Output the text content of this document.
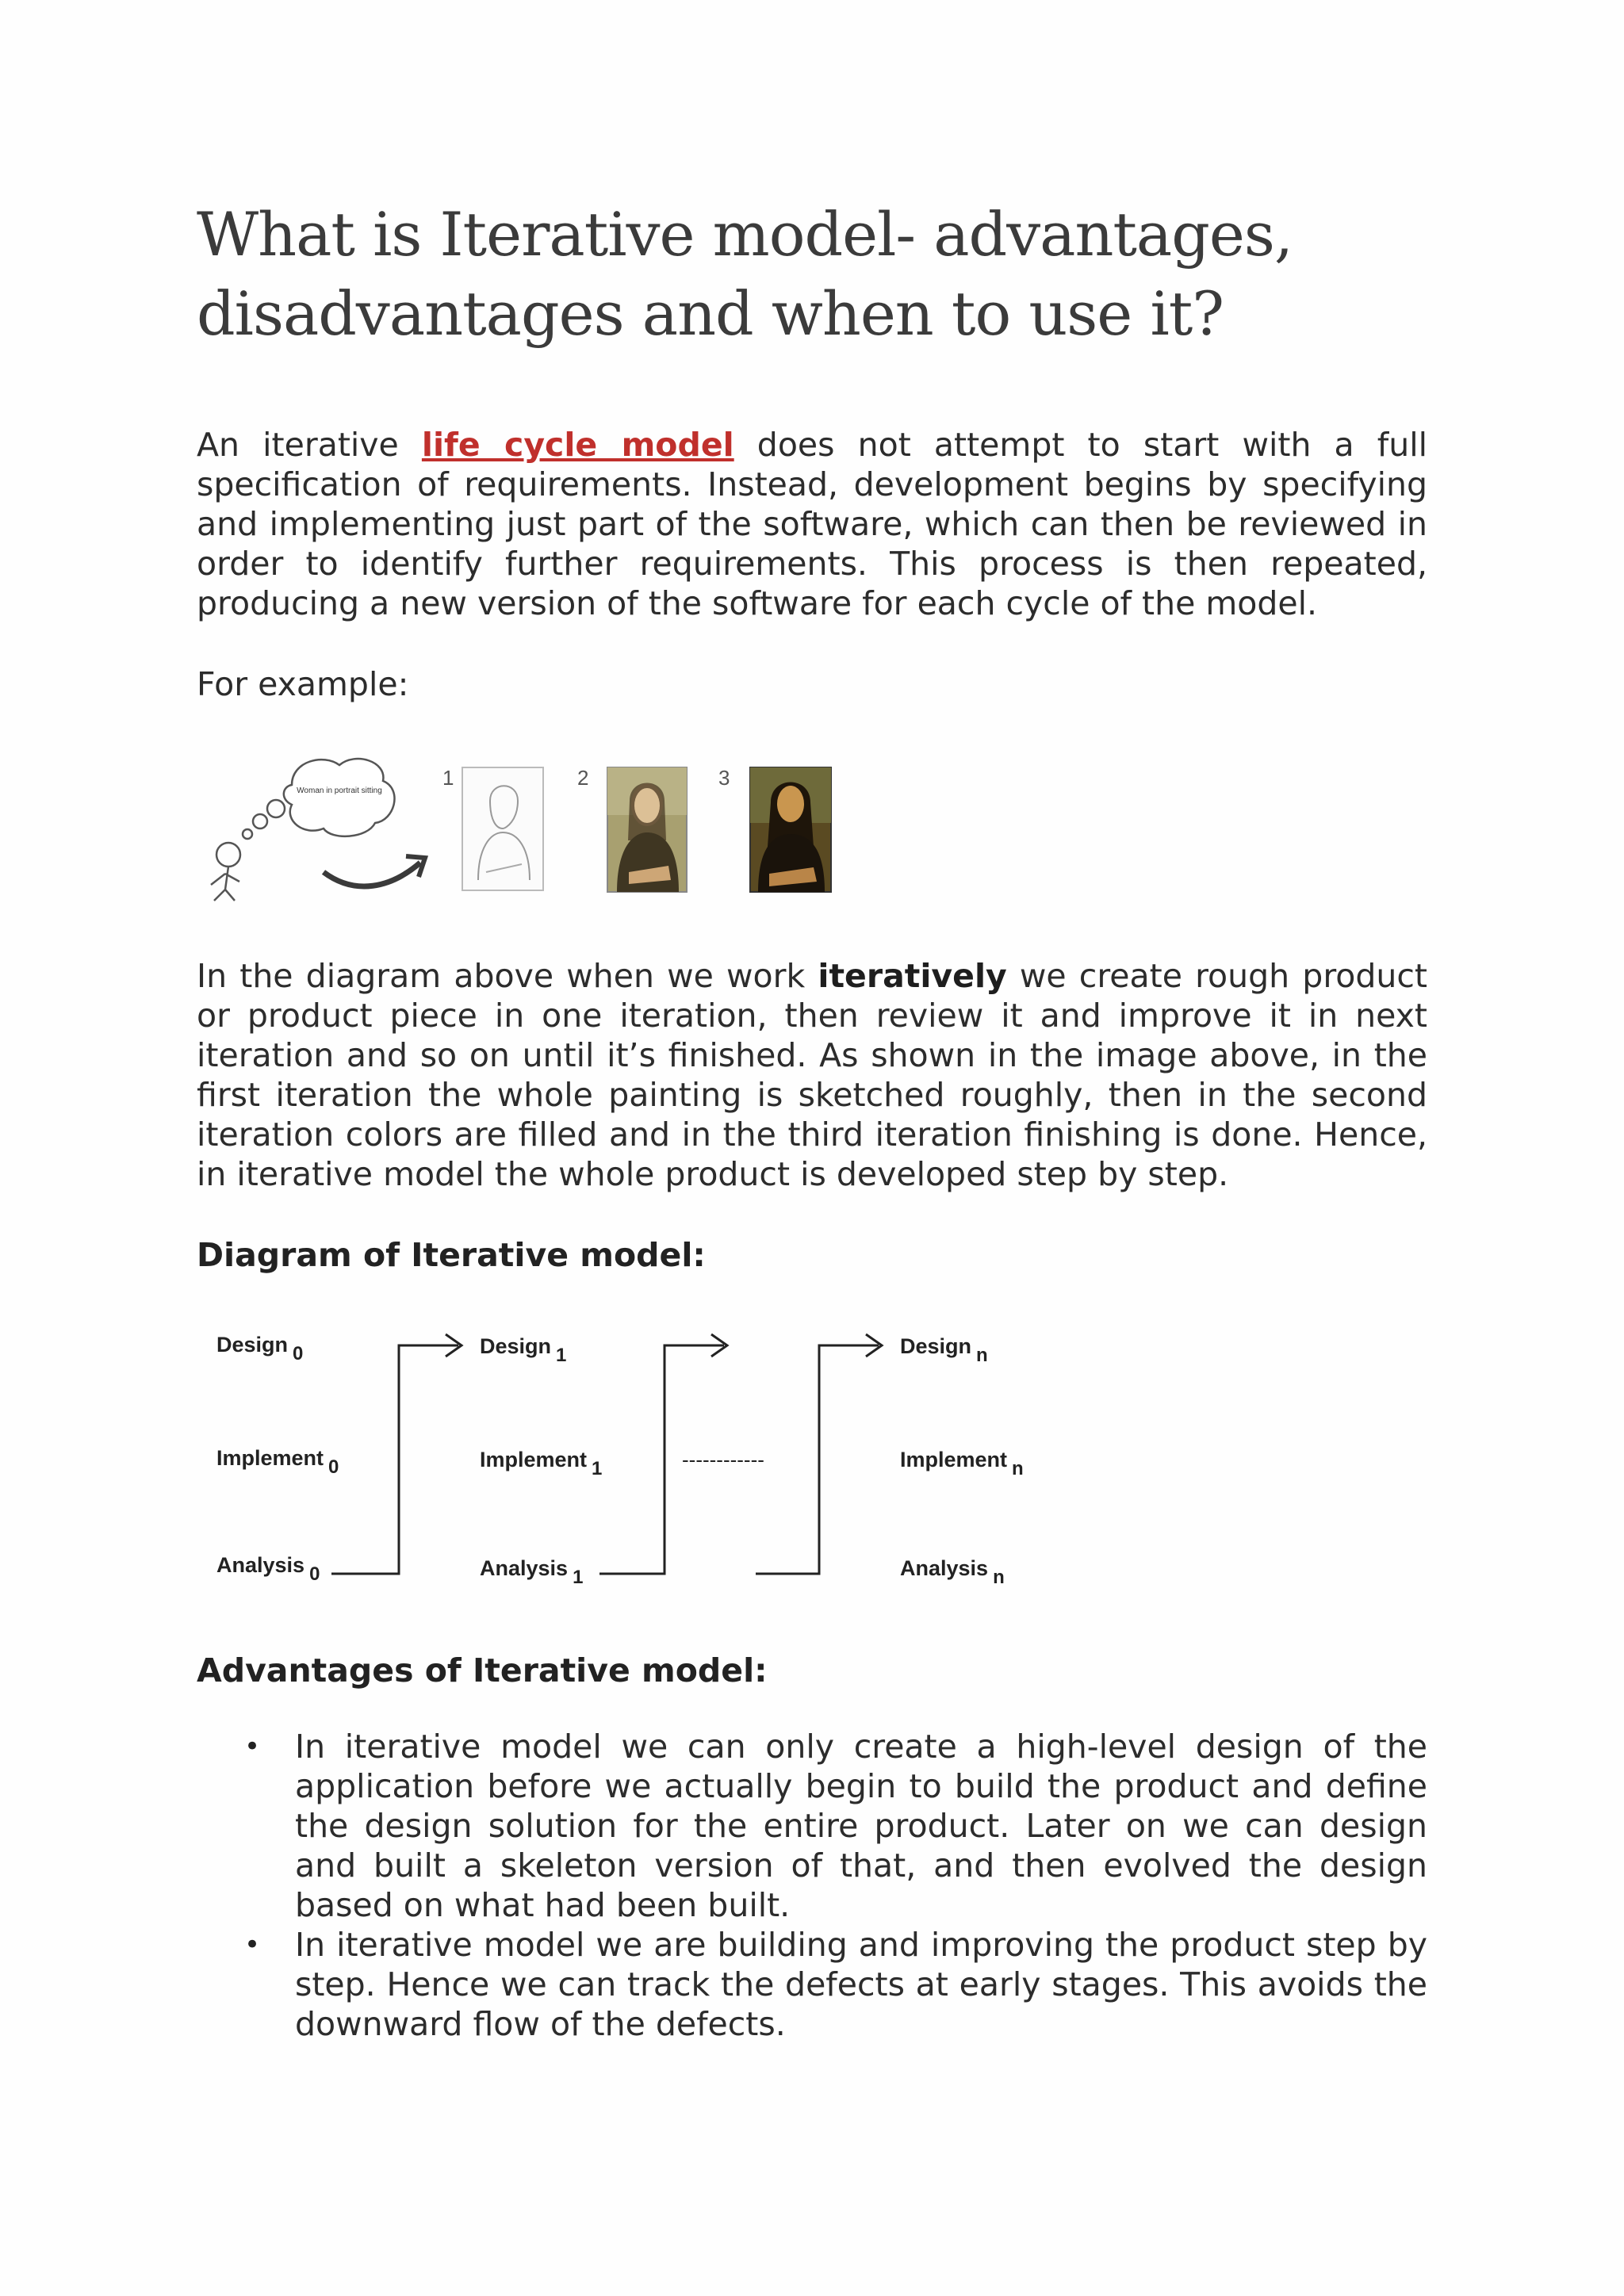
What is Iterative model- advantages, disadvantages and when to use it?

An iterative life cycle model does not attempt to start with a full specification of requirements. Instead, development begins by specifying and implementing just part of the software, which can then be reviewed in order to identify further requirements. This process is then repeated, producing a new version of the software for each cycle of the model.

For example:

Woman in portrait sitting
1	2	3

In the diagram above when we work iteratively we create rough product or product piece in one iteration, then review it and improve it in next iteration and so on until it’s finished. As shown in the image above, in the first iteration the whole painting is sketched roughly, then in the second iteration colors are filled and in the third iteration finishing is done. Hence, in iterative model the whole product is developed step by step.

Diagram of Iterative model:
Design 0
Implement 0
Analysis 0
Design 1
Implement 1
Analysis 1
Design n
Implement n
Analysis n
------------
Advantages of Iterative model:
• In iterative model we can only create a high-level design of the application before we actually begin to build the product and define the design solution for the entire product. Later on we can design and built a skeleton version of that, and then evolved the design based on what had been built.
• In iterative model we are building and improving the product step by step. Hence we can track the defects at early stages. This avoids the downward flow of the defects.
